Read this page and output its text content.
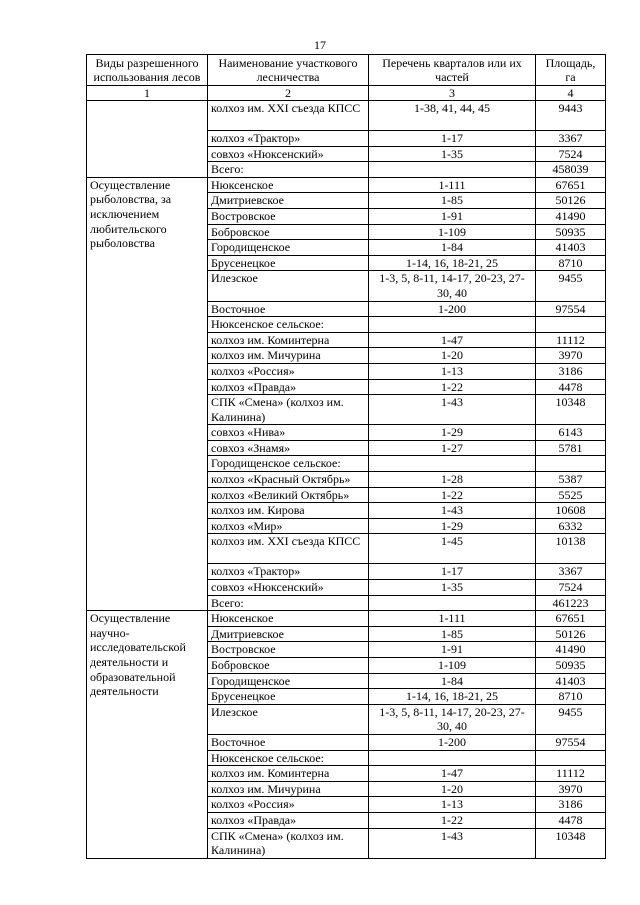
17
Виды разрешенного использования лесов	Наименование участкового лесничества	Перечень кварталов или их частей	Площадь, га
1	2	3	4
	колхоз им. XXI съезда КПСС	1-38, 41, 44, 45	9443
	колхоз «Трактор»	1-17	3367
	совхоз «Нюксенский»	1-35	7524
	Всего:		458039
Осуществление рыболовства, за исключением любительского рыболовства	Нюксенское	1-111	67651
	Дмитриевское	1-85	50126
	Востровское	1-91	41490
	Бобровское	1-109	50935
	Городищенское	1-84	41403
	Брусенецкое	1-14, 16, 18-21, 25	8710
	Илезское	1-3, 5, 8-11, 14-17, 20-23, 27-30, 40	9455
	Восточное	1-200	97554
	Нюксенское сельское:		
	колхоз им. Коминтерна	1-47	11112
	колхоз им. Мичурина	1-20	3970
	колхоз «Россия»	1-13	3186
	колхоз «Правда»	1-22	4478
	СПК «Смена» (колхоз им. Калинина)	1-43	10348
	совхоз «Нива»	1-29	6143
	совхоз «Знамя»	1-27	5781
	Городищенское сельское:		
	колхоз «Красный Октябрь»	1-28	5387
	колхоз «Великий Октябрь»	1-22	5525
	колхоз им. Кирова	1-43	10608
	колхоз «Мир»	1-29	6332
	колхоз им. XXI съезда КПСС	1-45	10138
	колхоз «Трактор»	1-17	3367
	совхоз «Нюксенский»	1-35	7524
	Всего:		461223
Осуществление научно-исследовательской деятельности и образовательной деятельности	Нюксенское	1-111	67651
	Дмитриевское	1-85	50126
	Востровское	1-91	41490
	Бобровское	1-109	50935
	Городищенское	1-84	41403
	Брусенецкое	1-14, 16, 18-21, 25	8710
	Илезское	1-3, 5, 8-11, 14-17, 20-23, 27-30, 40	9455
	Восточное	1-200	97554
	Нюксенское сельское:		
	колхоз им. Коминтерна	1-47	11112
	колхоз им. Мичурина	1-20	3970
	колхоз «Россия»	1-13	3186
	колхоз «Правда»	1-22	4478
	СПК «Смена» (колхоз им. Калинина)	1-43	10348
